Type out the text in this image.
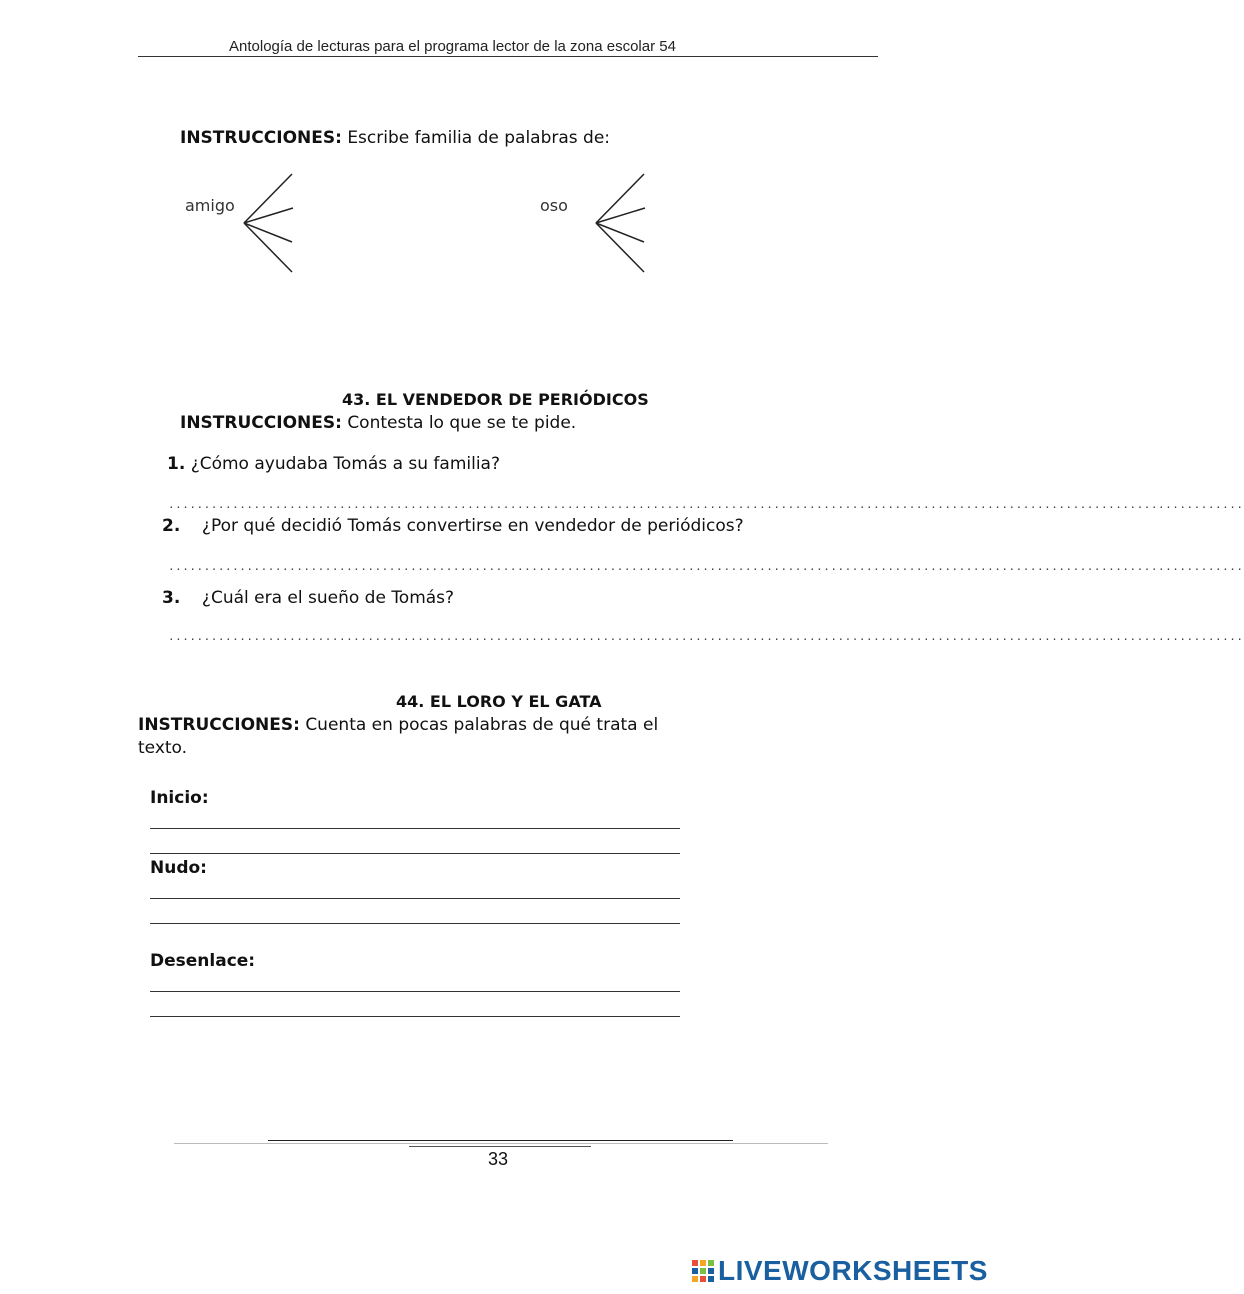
Antología de lecturas para el programa lector de la zona escolar 54
INSTRUCCIONES: Escribe familia de palabras de:
amigo	oso
43. EL VENDEDOR DE PERIÓDICOS
INSTRUCCIONES: Contesta lo que se te pide.
1. ¿Cómo ayudaba Tomás a su familia?
.......................................................................................................................................................
2. ¿Por qué decidió Tomás convertirse en vendedor de periódicos?
.......................................................................................................................................................
3. ¿Cuál era el sueño de Tomás?
.......................................................................................................................................................
44. EL LORO Y EL GATA
INSTRUCCIONES: Cuenta en pocas palabras de qué trata el
texto.
Inicio:
Nudo:
Desenlace:
33
LIVEWORKSHEETS
